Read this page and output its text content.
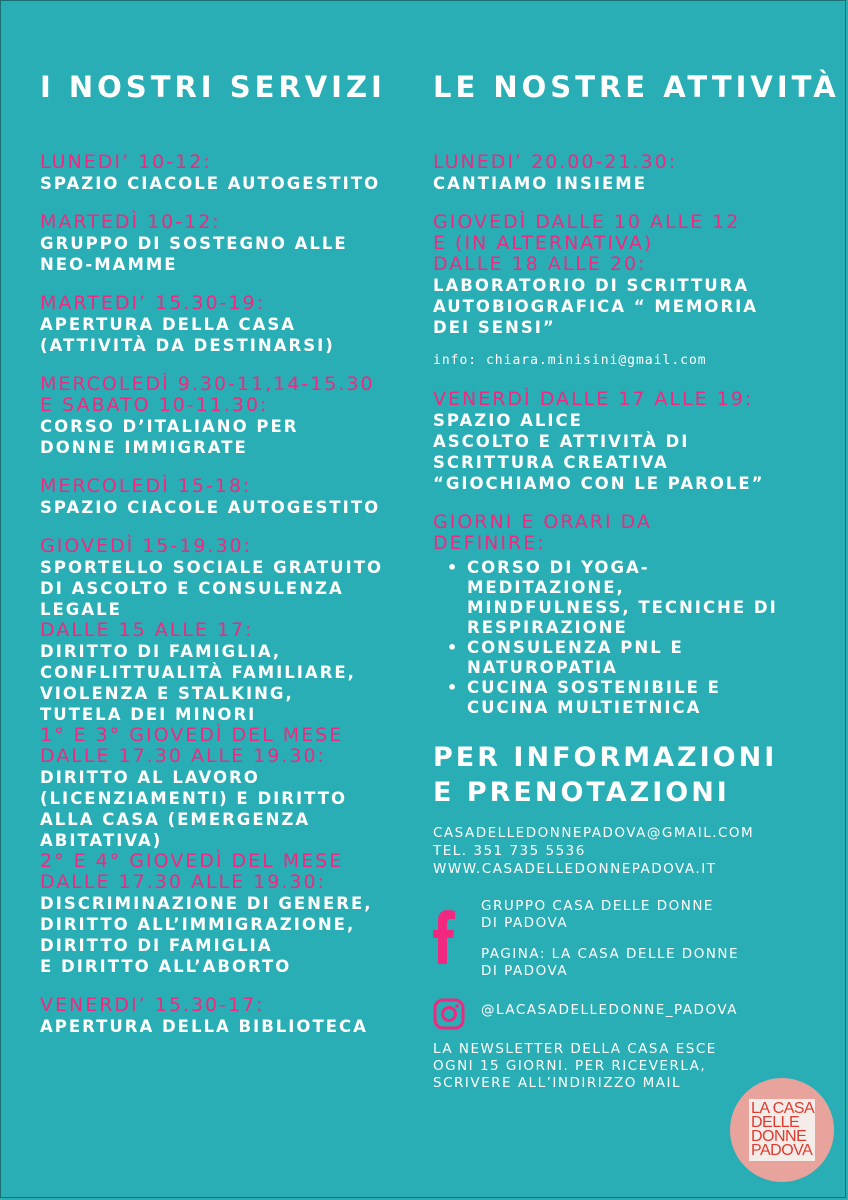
I NOSTRI SERVIZI

LUNEDI’ 10-12:

SPAZIO CIACOLE AUTOGESTITO

MARTEDÌ 10-12:

GRUPPO DI SOSTEGNO ALLE

NEO-MAMME

MARTEDI’ 15.30-19:

APERTURA DELLA CASA

(ATTIVITÀ DA DESTINARSI)

MERCOLEDÌ 9.30-11,14-15.30

E SABATO 10-11.30:

CORSO D’ITALIANO PER

DONNE IMMIGRATE

MERCOLEDÌ 15-18:

SPAZIO CIACOLE AUTOGESTITO

GIOVEDÌ 15-19.30:

SPORTELLO SOCIALE GRATUITO

DI ASCOLTO E CONSULENZA

LEGALE

DALLE 15 ALLE 17:

DIRITTO DI FAMIGLIA,

CONFLITTUALITÀ FAMILIARE,

VIOLENZA E STALKING,

TUTELA DEI MINORI

1° E 3° GIOVEDÌ DEL MESE

DALLE 17.30 ALLE 19.30:

DIRITTO AL LAVORO

(LICENZIAMENTI) E DIRITTO

ALLA CASA (EMERGENZA

ABITATIVA)

2° E 4° GIOVEDÌ DEL MESE

DALLE 17.30 ALLE 19.30:

DISCRIMINAZIONE DI GENERE,

DIRITTO ALL’IMMIGRAZIONE,

DIRITTO DI FAMIGLIA

E DIRITTO ALL’ABORTO

VENERDI’ 15.30-17:

APERTURA DELLA BIBLIOTECA

LE NOSTRE ATTIVITÀ

LUNEDI’ 20.00-21.30:

CANTIAMO INSIEME

GIOVEDÌ DALLE 10 ALLE 12

E (IN ALTERNATIVA)

DALLE 18 ALLE 20:

LABORATORIO DI SCRITTURA

AUTOBIOGRAFICA “ MEMORIA

DEI SENSI”

info: chiara.minisini@gmail.com

VENERDÌ DALLE 17 ALLE 19:

SPAZIO ALICE

ASCOLTO E ATTIVITÀ DI

SCRITTURA CREATIVA

“GIOCHIAMO CON LE PAROLE”

GIORNI E ORARI DA

DEFINIRE:

• CORSO DI YOGA-
MEDITAZIONE,
MINDFULNESS, TECNICHE DI
RESPIRAZIONE
• CONSULENZA PNL E
NATUROPATIA
• CUCINA SOSTENIBILE E
CUCINA MULTIETNICA
PER INFORMAZIONI
E PRENOTAZIONI
CASADELLEDONNEPADOVA@GMAIL.COM
TEL. 351 735 5536
WWW.CASADELLEDONNEPADOVA.IT
GRUPPO CASA DELLE DONNE
DI PADOVA
PAGINA: LA CASA DELLE DONNE
DI PADOVA
@LACASADELLEDONNE_PADOVA
LA NEWSLETTER DELLA CASA ESCE
OGNI 15 GIORNI. PER RICEVERLA,
SCRIVERE ALL’INDIRIZZO MAIL
LA CASA
DELLE
DONNE
PADOVA
